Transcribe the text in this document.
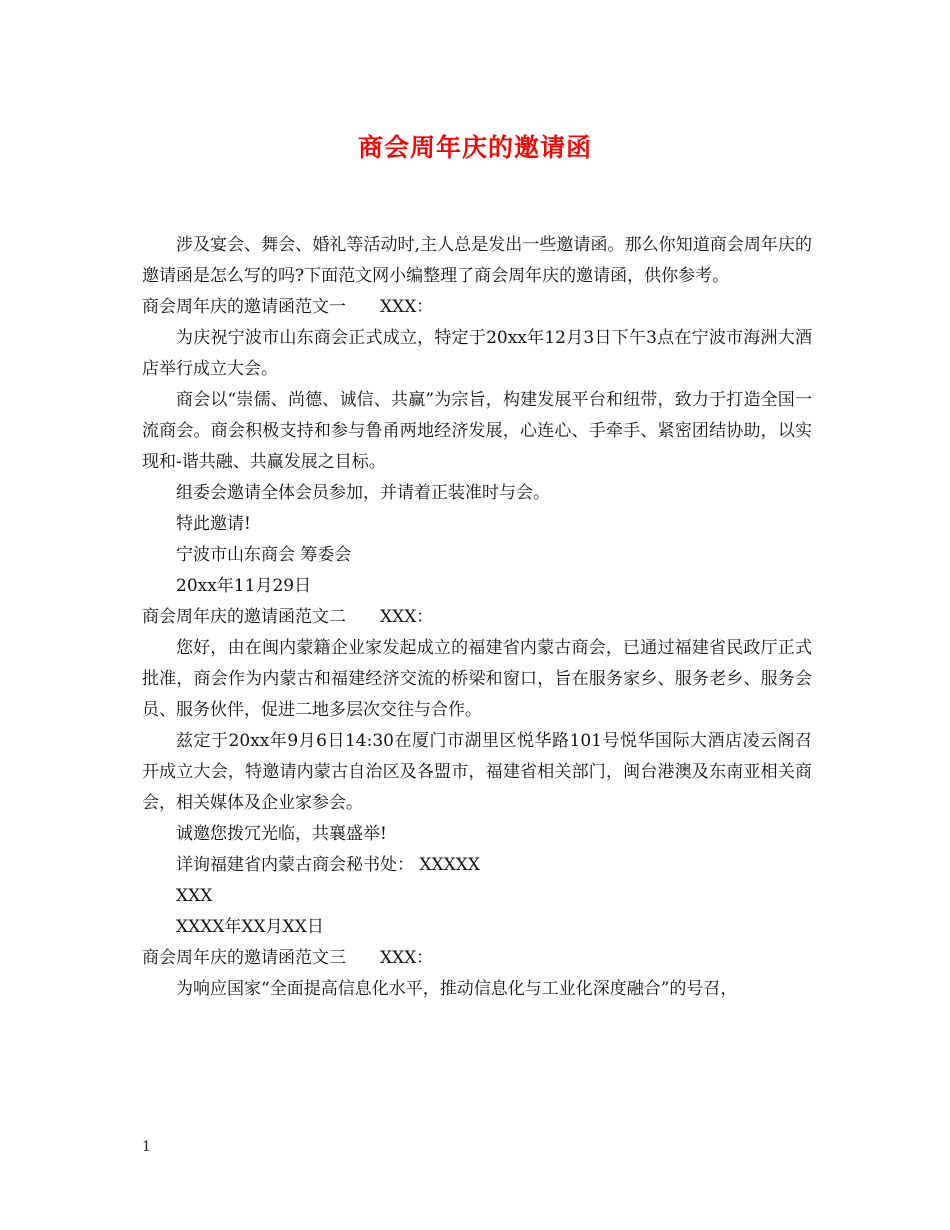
商会周年庆的邀请函

涉及宴会、舞会、婚礼等活动时,主人总是发出一些邀请函。那么你知道商会周年庆的邀请函是怎么写的吗?下面范文网小编整理了商会周年庆的邀请函，供你参考。

商会周年庆的邀请函范文一 XXX：

为庆祝宁波市山东商会正式成立，特定于20xx年12月3日下午3点在宁波市海洲大酒店举行成立大会。

商会以“崇儒、尚德、诚信、共赢”为宗旨，构建发展平台和纽带，致力于打造全国一流商会。商会积极支持和参与鲁甬两地经济发展，心连心、手牵手、紧密团结协助，以实现和-谐共融、共赢发展之目标。

组委会邀请全体会员参加，并请着正装准时与会。

特此邀请!

宁波市山东商会 筹委会

20xx年11月29日

商会周年庆的邀请函范文二 XXX：

您好，由在闽内蒙籍企业家发起成立的福建省内蒙古商会，已通过福建省民政厅正式批准，商会作为内蒙古和福建经济交流的桥梁和窗口，旨在服务家乡、服务老乡、服务会员、服务伙伴，促进二地多层次交往与合作。

兹定于20xx年9月6日14:30在厦门市湖里区悦华路101号悦华国际大酒店凌云阁召开成立大会，特邀请内蒙古自治区及各盟市，福建省相关部门，闽台港澳及东南亚相关商会，相关媒体及企业家参会。

诚邀您拨冗光临，共襄盛举!

详询福建省内蒙古商会秘书处： XXXXX

XXX

XXXX年XX月XX日

商会周年庆的邀请函范文三 XXX：

为响应国家“全面提高信息化水平，推动信息化与工业化深度融合”的号召，

1
